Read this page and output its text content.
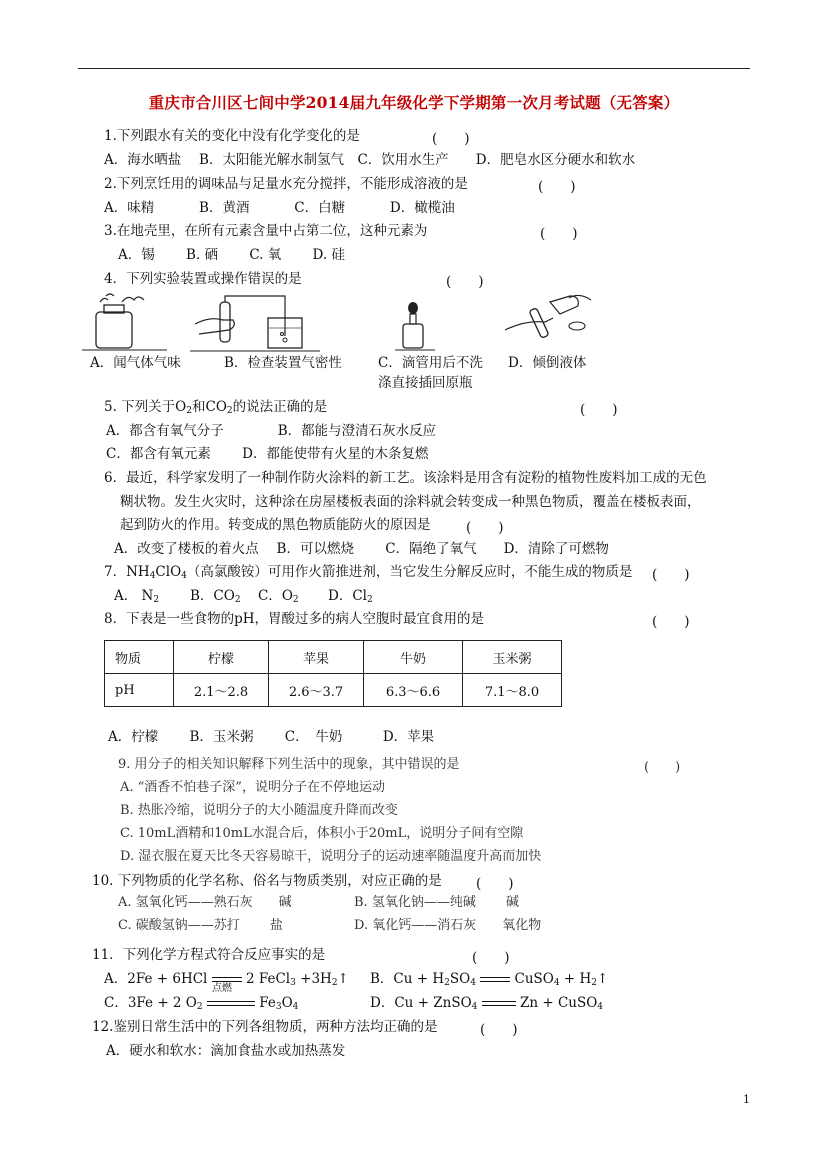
重庆市合川区七间中学2014届九年级化学下学期第一次月考试题（无答案）
1.下列跟水有关的变化中没有化学变化的是	(　　)
A．海水晒盐　 B．太阳能光解水制氢气　C．饮用水生产　　D．肥皂水区分硬水和软水
2.下列烹饪用的调味品与足量水充分搅拌，不能形成溶液的是	(　　)
A．味精　　　 B．黄酒　　　 C．白糖　　　 D．橄榄油
3.在地壳里，在所有元素含量中占第二位，这种元素为	(　　)
A．锡　　 B. 硒　　 C. 氧　　 D. 硅
4．下列实验装置或操作错误的是	(　　)
A．闻气体气味	B．检查装置气密性	C．滴管用后不洗
涤直接插回原瓶
D．倾倒液体
5. 下列关于$O_2$和$CO_2$的说法正确的是	(　　)
A．都含有氧气分子　　　　B．都能与澄清石灰水反应
C．都含有氧元素　　 D．都能使带有火星的木条复燃
6．最近，科学家发明了一种制作防火涂料的新工艺。该涂料是用含有淀粉的植物性废料加工成的无色
糊状物。发生火灾时，这种涂在房屋楼板表面的涂料就会转变成一种黑色物质，覆盖在楼板表面，
起到防火的作用。转变成的黑色物质能防火的原因是	(　　)
A．改变了楼板的着火点　 B．可以燃烧　　 C．隔绝了氧气　　D．清除了可燃物
7．$NH_4ClO_4$（高氯酸铵）可用作火箭推进剂，当它发生分解反应时，不能生成的物质是 (　　)
A． $N_2$ B．$CO_2$ C．$O_2$ D．$Cl_2$
8．下表是一些食物的pH，胃酸过多的病人空腹时最宜食用的是	(　　)
物质	柠檬	苹果	牛奶	玉米粥
pH	2.1～2.8	2.6～3.7	6.3～6.6	7.1～8.0
A．柠檬　　 B．玉米粥　　 C．　牛奶　　　D．苹果
9. 用分子的相关知识解释下列生活中的现象，其中错误的是	(　　)
A. “酒香不怕巷子深”，说明分子在不停地运动
B. 热胀冷缩，说明分子的大小随温度升降而改变
C. 10mL酒精和10mL水混合后，体积小于20mL，说明分子间有空隙
D. 湿衣服在夏天比冬天容易晾干，说明分子的运动速率随温度升高而加快
10. 下列物质的化学名称、俗名与物质类别，对应正确的是	(　　)
A. 氢氧化钙——熟石灰　　碱	B. 氢氧化钠——纯碱　　 碱
C. 碳酸氢钠——苏打　　 盐	D. 氧化钙——消石灰　　氧化物
11．下列化学方程式符合反应事实的是	(　　)
A．2Fe + 6HCl	2 FeCl$_3$ $+3H_2↑$ B．$Cu + H_2SO_4$	CuSO$_4$ + $H_2↑$
点燃
C．3Fe + 2 $O_2$	$Fe_3O_4$	D．Cu + ZnSO$_4$	Zn + CuSO$_4$
12.鉴别日常生活中的下列各组物质，两种方法均正确的是	(　　)
A．硬水和软水：滴加食盐水或加热蒸发
1
